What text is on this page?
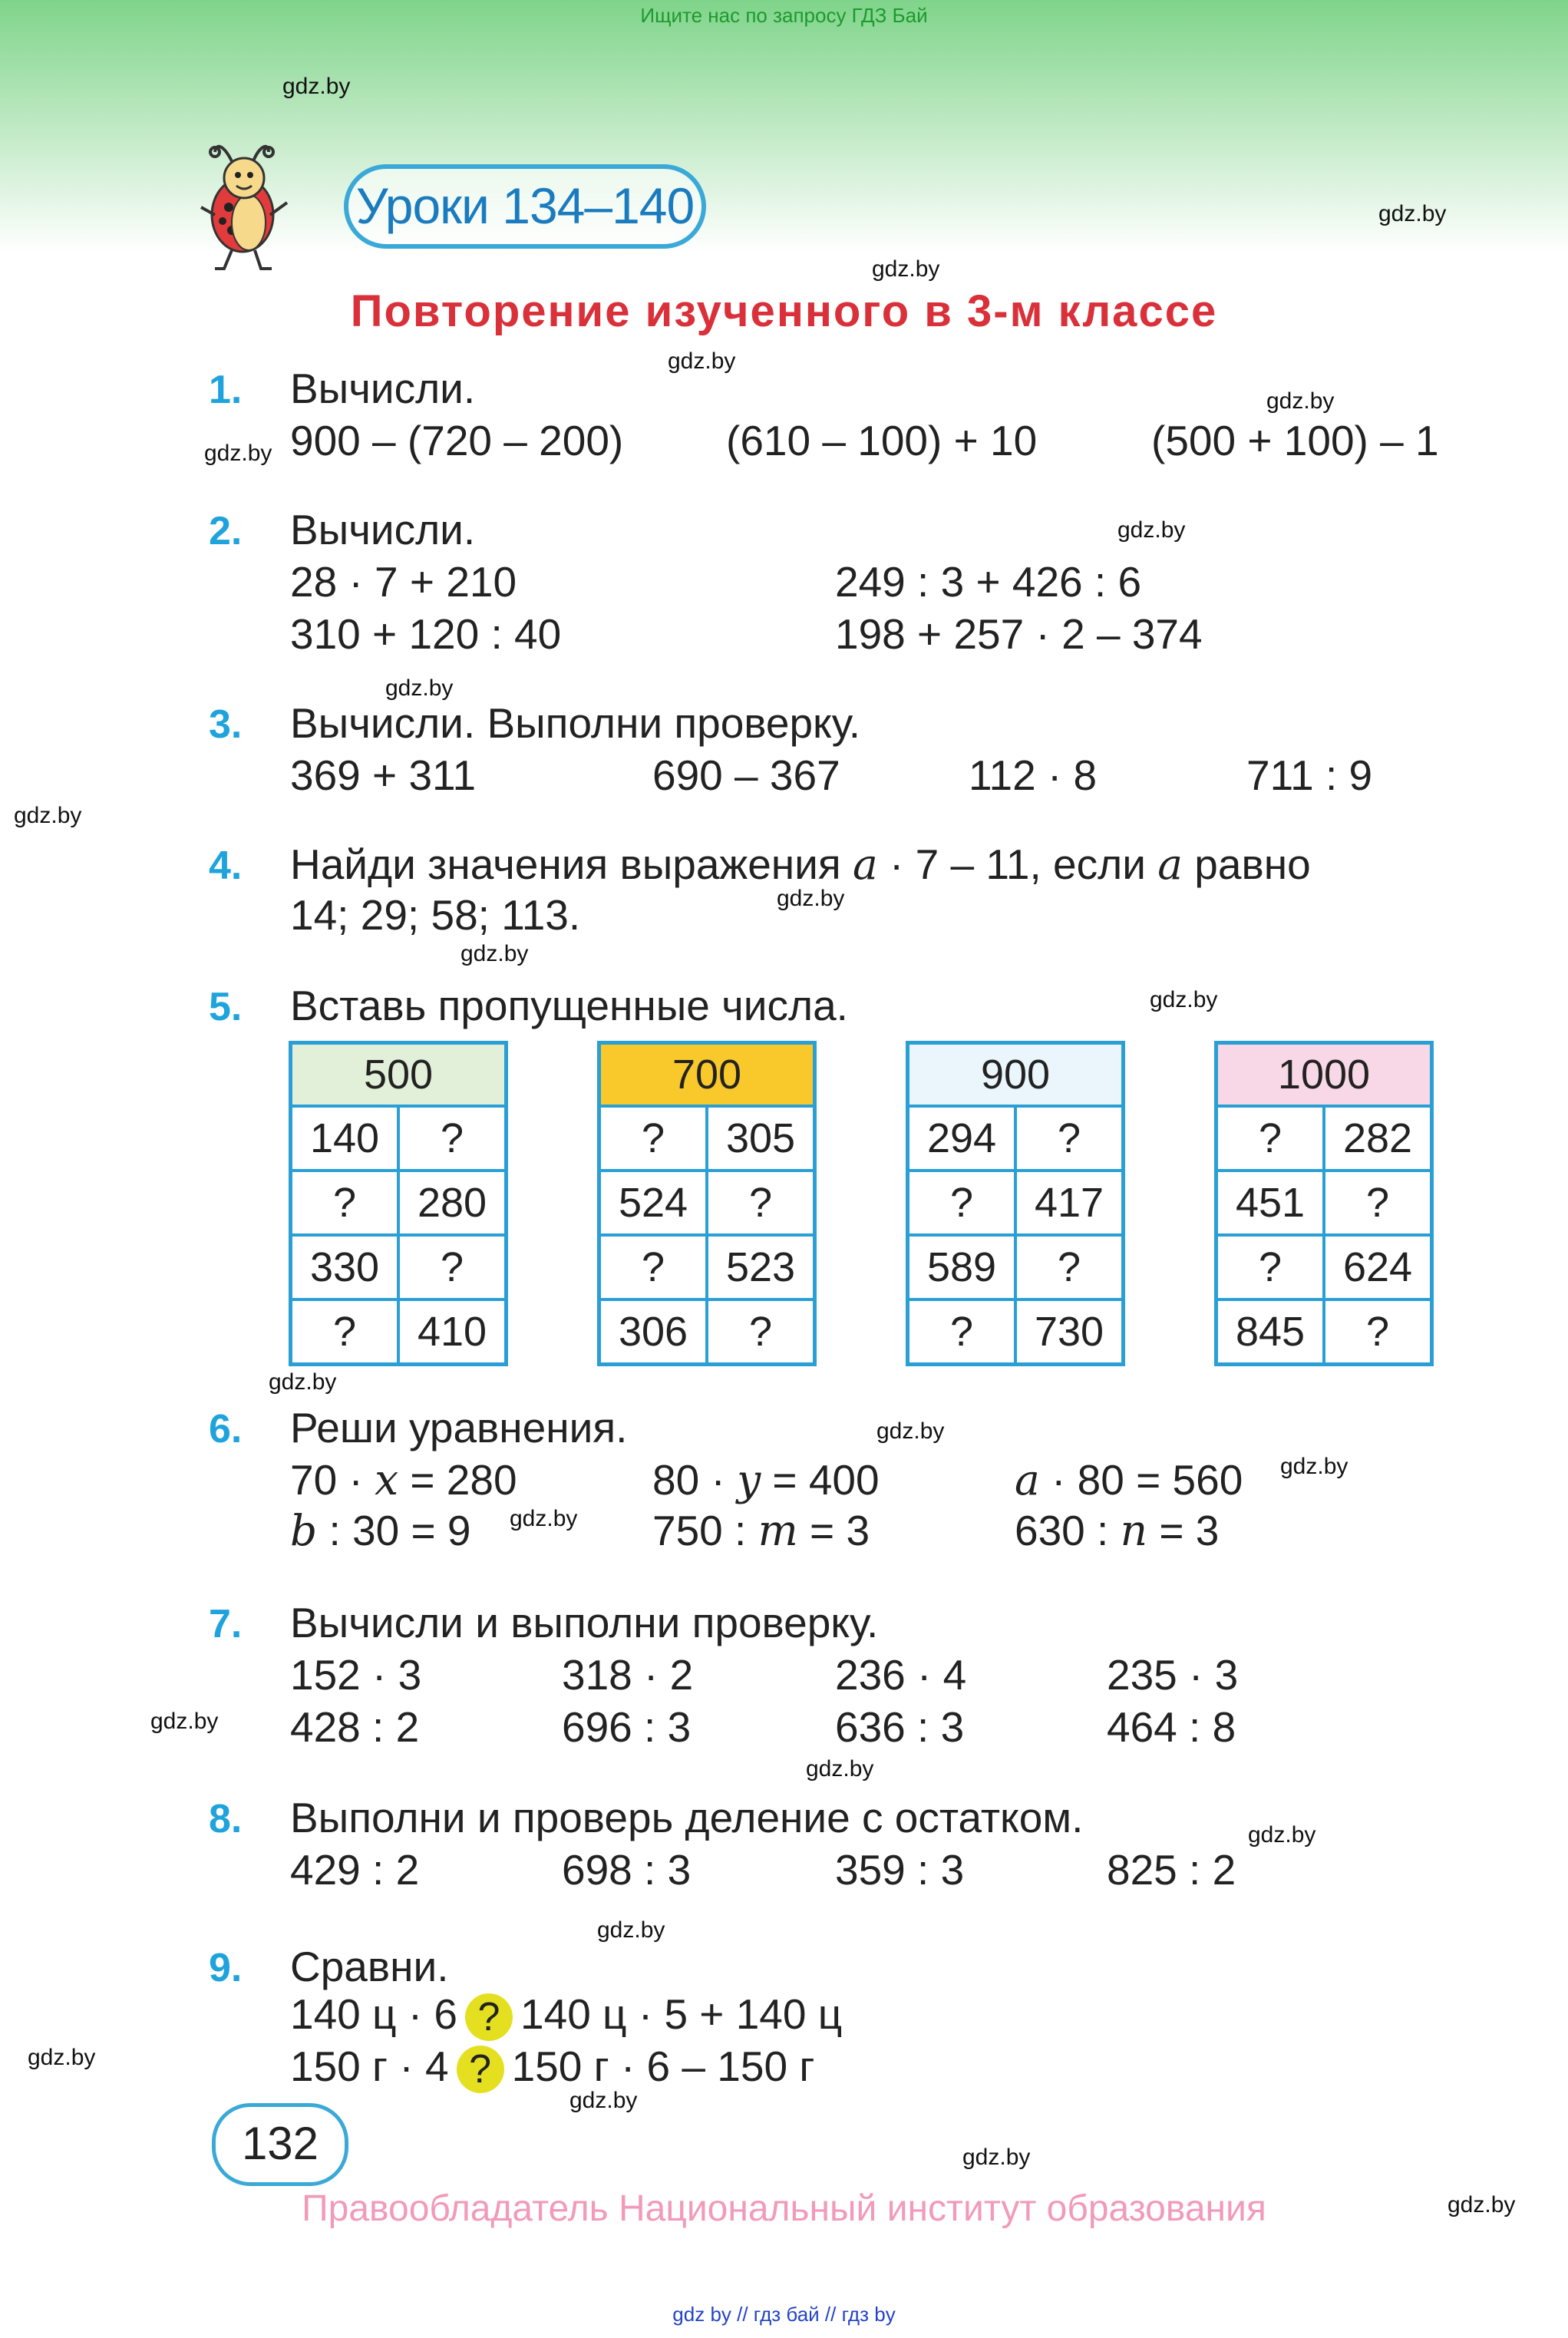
Ищите нас по запросу ГДЗ Бай
Уроки 134–140
Повторение изученного в 3-м классе
gdz.by
gdz.by
gdz.by
gdz.by
gdz.by
gdz.by
gdz.by
gdz.by
gdz.by
gdz.by
gdz.by
gdz.by
gdz.by
gdz.by
gdz.by
gdz.by
gdz.by
gdz.by
gdz.by
gdz.by
gdz.by
gdz.by
gdz.by
gdz.by
1. Вычисли.
900 – (720 – 200) (610 – 100) + 10	(500 + 100) – 1
2. Вычисли.
28 · 7 + 210	249 : 3 + 426 : 6
310 + 120 : 40	198 + 257 · 2 – 374
3. Вычисли. Выполни проверку.
369 + 311	690 – 367	112 · 8	711 : 9
4. Найди значения выражения a · 7 – 11, если a равно
14; 29; 58; 113.
5. Вставь пропущенные числа.
500	
140	?
?	280
330	?
?	410
700	
?	305
524	?
?	523
306	?
900	
294	?
?	417
589	?
?	730
1000	
?	282
451	?
?	624
845	?
6. Реши уравнения.
70 · x = 280	80 · y = 400	a · 80 = 560
b : 30 = 9	750 : m = 3	630 : n = 3
7. Вычисли и выполни проверку.
152 · 3	318 · 2	236 · 4	235 · 3
428 : 2	696 : 3	636 : 3	464 : 8
8. Выполни и проверь деление с остатком.
429 : 2	698 : 3	359 : 3	825 : 2
9. Сравни.
140 ц · 6 ? 140 ц · 5 + 140 ц
150 г · 4 ? 150 г · 6 – 150 г
132
Правообладатель Национальный институт образования
gdz by // гдз бай // гдз by
